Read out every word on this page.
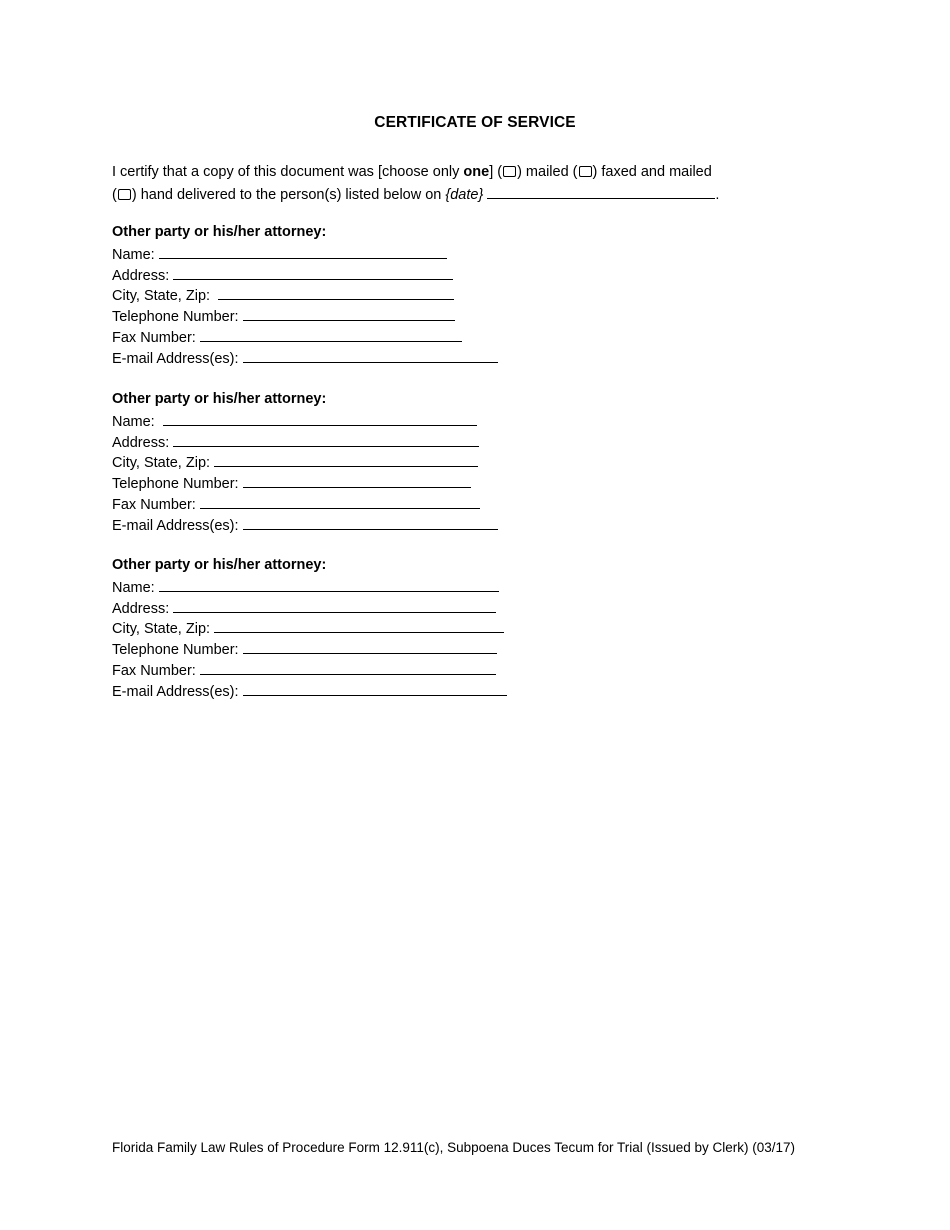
CERTIFICATE OF SERVICE
I certify that a copy of this document was [choose only one] ( ) mailed ( ) faxed and mailed
( ) hand delivered to the person(s) listed below on {date}	.
Other party or his/her attorney:
Name:
Address:
City, State, Zip:
Telephone Number:
Fax Number:
E-mail Address(es):
Other party or his/her attorney:
Name:
Address:
City, State, Zip:
Telephone Number:
Fax Number:
E-mail Address(es):
Other party or his/her attorney:
Name:
Address:
City, State, Zip:
Telephone Number:
Fax Number:
E-mail Address(es):
Florida Family Law Rules of Procedure Form 12.911(c), Subpoena Duces Tecum for Trial (Issued by Clerk) (03/17)
